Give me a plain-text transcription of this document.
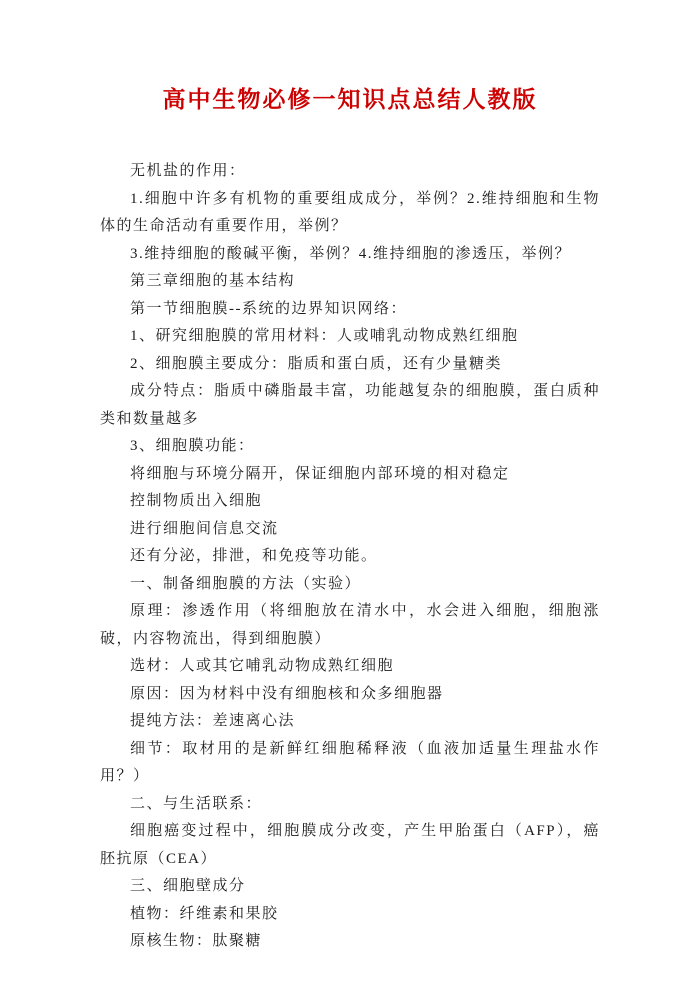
高中生物必修一知识点总结人教版

无机盐的作用：

1.细胞中许多有机物的重要组成成分，举例？2.维持细胞和生物体的生命活动有重要作用，举例？

3.维持细胞的酸碱平衡，举例？4.维持细胞的渗透压，举例？

第三章细胞的基本结构

第一节细胞膜--系统的边界知识网络：

1、研究细胞膜的常用材料：人或哺乳动物成熟红细胞

2、细胞膜主要成分：脂质和蛋白质，还有少量糖类

成分特点：脂质中磷脂最丰富，功能越复杂的细胞膜，蛋白质种类和数量越多

3、细胞膜功能：

将细胞与环境分隔开，保证细胞内部环境的相对稳定

控制物质出入细胞

进行细胞间信息交流

还有分泌，排泄，和免疫等功能。

一、制备细胞膜的方法（实验）

原理：渗透作用（将细胞放在清水中，水会进入细胞，细胞涨破，内容物流出，得到细胞膜）

选材：人或其它哺乳动物成熟红细胞

原因：因为材料中没有细胞核和众多细胞器

提纯方法：差速离心法

细节：取材用的是新鲜红细胞稀释液（血液加适量生理盐水作用？）

二、与生活联系：

细胞癌变过程中，细胞膜成分改变，产生甲胎蛋白（AFP），癌胚抗原（CEA）

三、细胞壁成分

植物：纤维素和果胶

原核生物：肽聚糖
